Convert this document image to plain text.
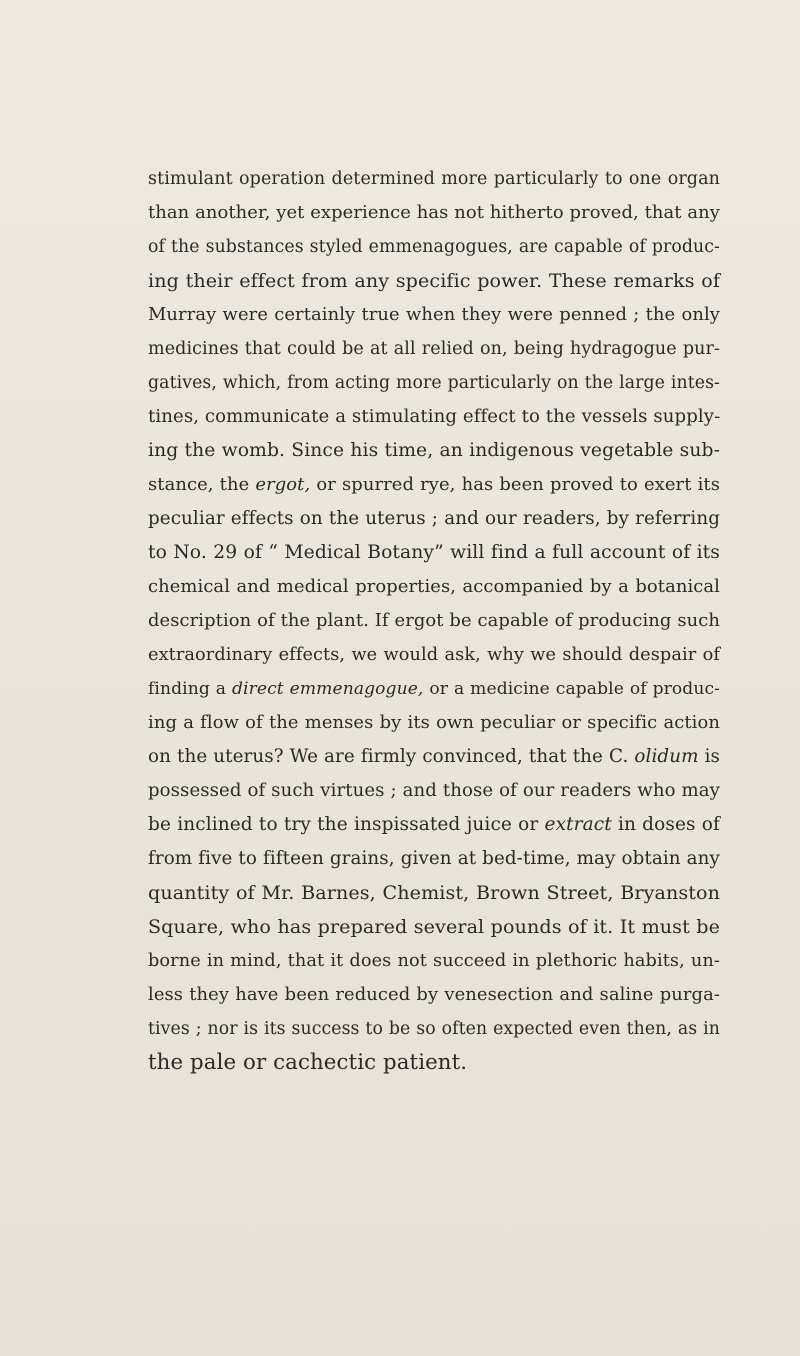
stimulant operation determined more particularly to one organ
than another, yet experience has not hitherto proved, that any
of the substances styled emmenagogues, are capable of produc-
ing their effect from any specific power. These remarks of
Murray were certainly true when they were penned ; the only
medicines that could be at all relied on, being hydragogue pur-
gatives, which, from acting more particularly on the large intes-
tines, communicate a stimulating effect to the vessels supply-
ing the womb. Since his time, an indigenous vegetable sub-
stance, the ergot, or spurred rye, has been proved to exert its
peculiar effects on the uterus ; and our readers, by referring
to No. 29 of “ Medical Botany” will find a full account of its
chemical and medical properties, accompanied by a botanical
description of the plant. If ergot be capable of producing such
extraordinary effects, we would ask, why we should despair of
finding a direct emmenagogue, or a medicine capable of produc-
ing a flow of the menses by its own peculiar or specific action
on the uterus? We are firmly convinced, that the C. olidum is
possessed of such virtues ; and those of our readers who may
be inclined to try the inspissated juice or extract in doses of
from five to fifteen grains, given at bed-time, may obtain any
quantity of Mr. Barnes, Chemist, Brown Street, Bryanston
Square, who has prepared several pounds of it. It must be
borne in mind, that it does not succeed in plethoric habits, un-
less they have been reduced by venesection and saline purga-
tives ; nor is its success to be so often expected even then, as in
the pale or cachectic patient.
